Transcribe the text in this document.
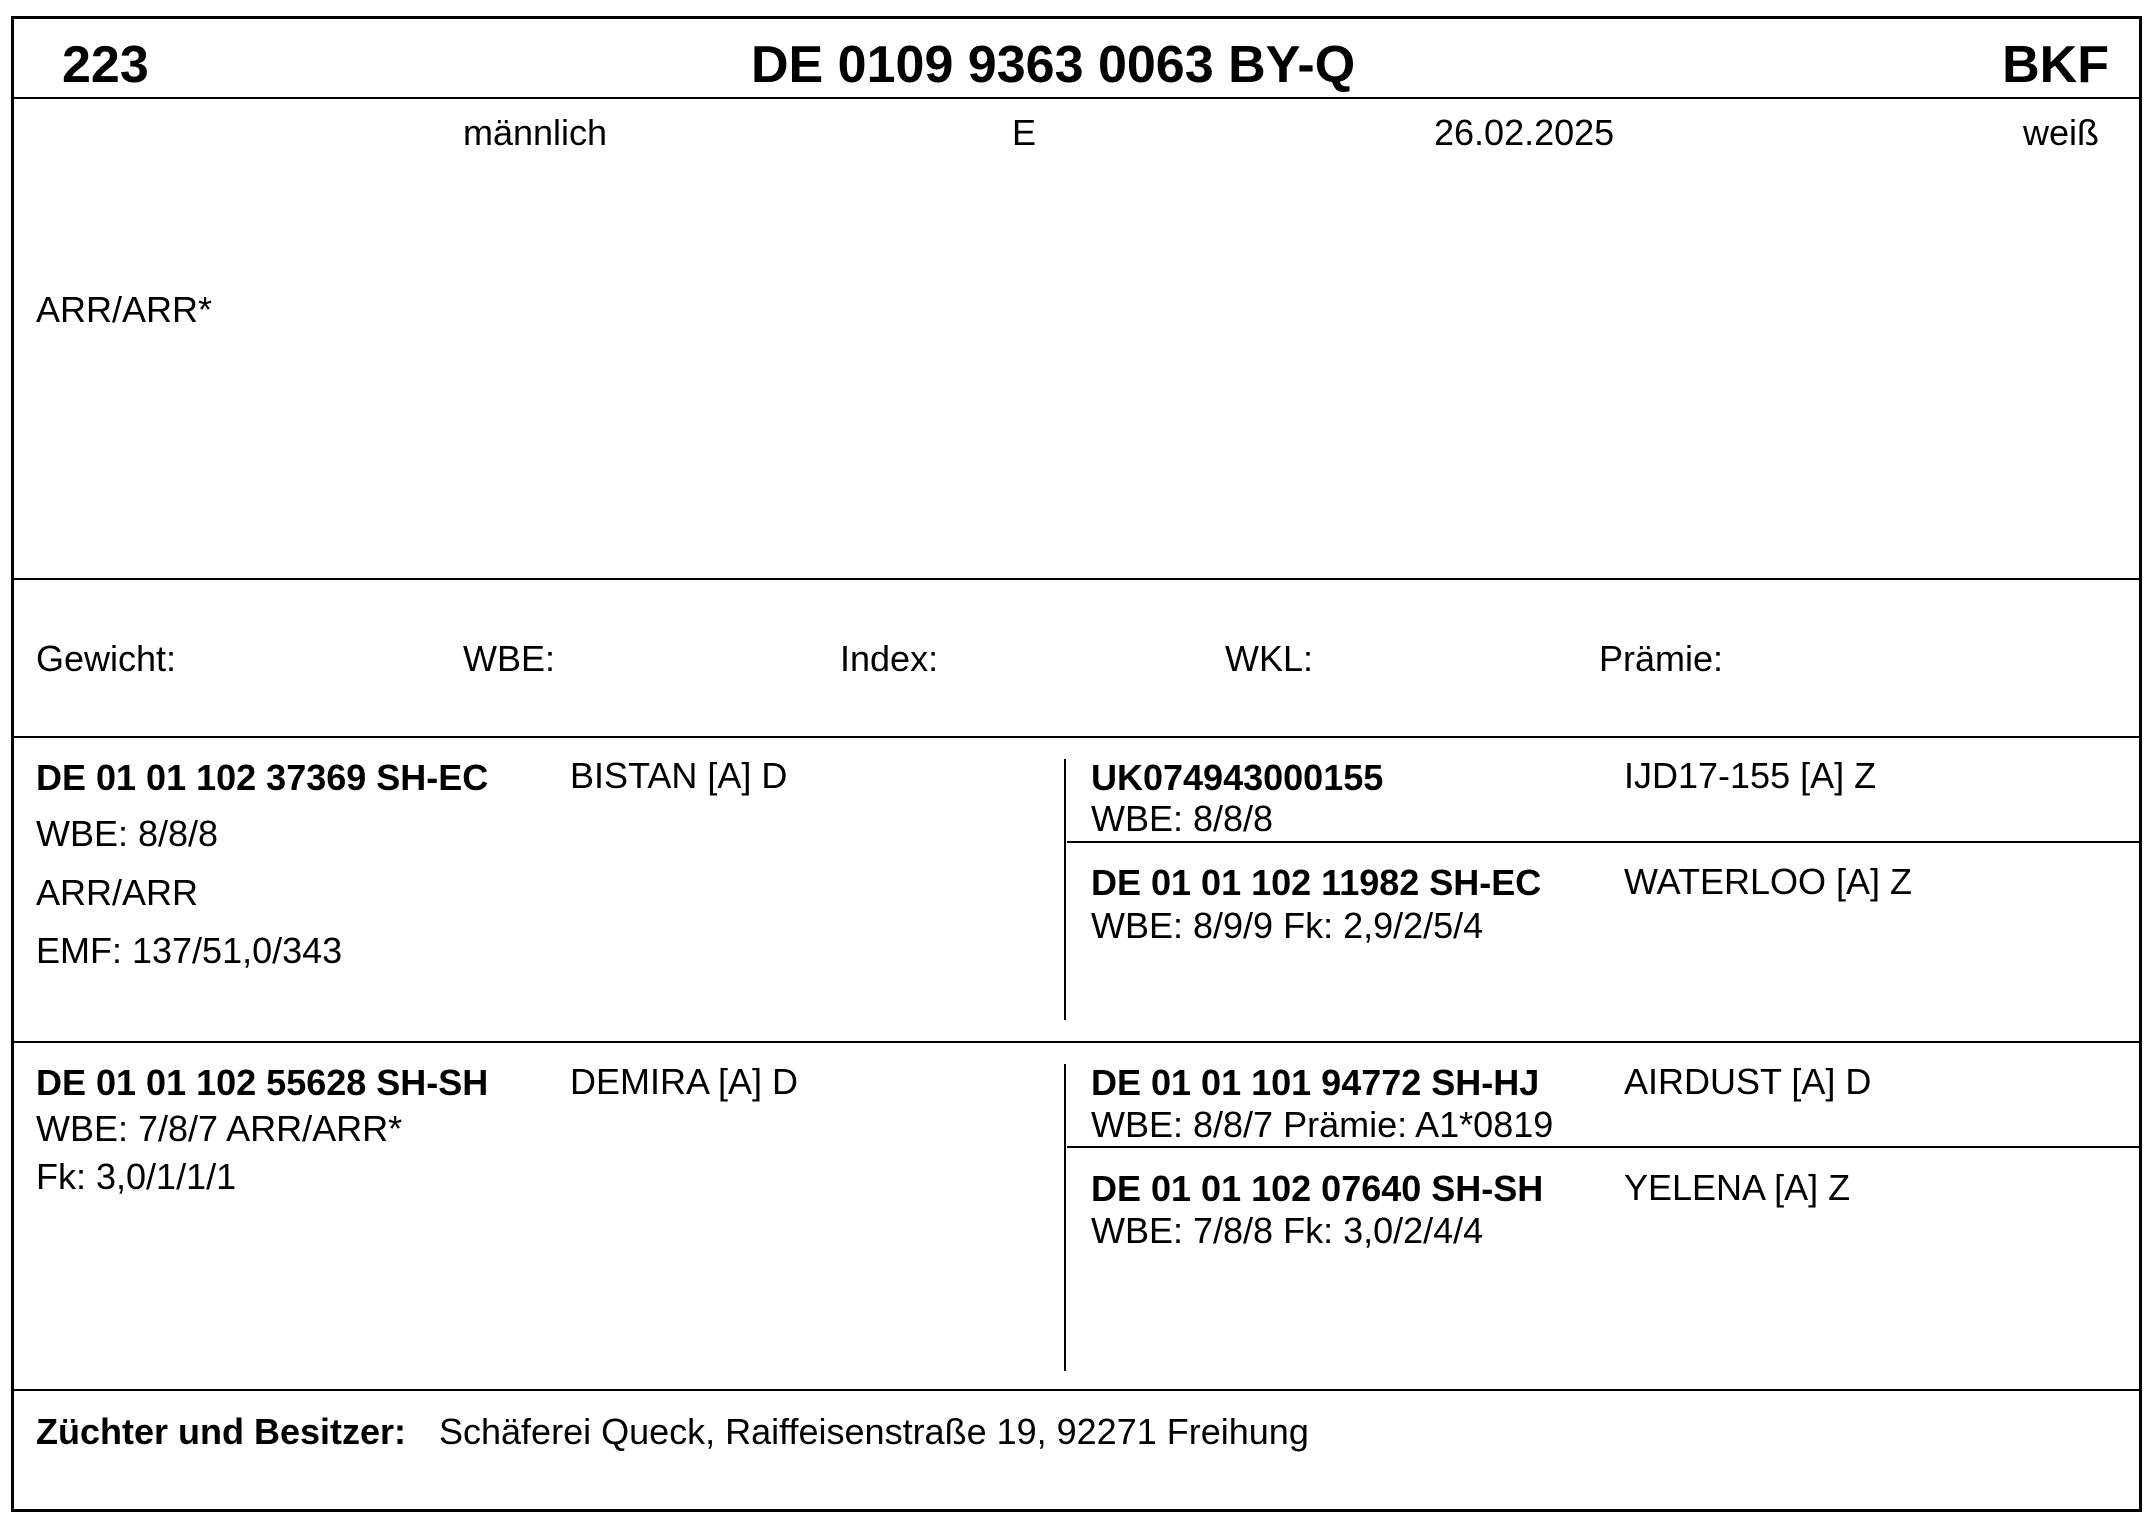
223	DE 0109 9363 0063 BY-Q	BKF
männlich	E	26.02.2025	weiß
ARR/ARR*
Gewicht:	WBE:	Index:	WKL:	Prämie:
DE 01 01 102 37369 SH-EC BISTAN [A] D
WBE: 8/8/8
ARR/ARR
EMF: 137/51,0/343
UK074943000155	IJD17-155 [A] Z
WBE: 8/8/8
DE 01 01 102 11982 SH-EC WATERLOO [A] Z
WBE: 8/9/9 Fk: 2,9/2/5/4
DE 01 01 102 55628 SH-SH DEMIRA [A] D
WBE: 7/8/7 ARR/ARR*
Fk: 3,0/1/1/1
DE 01 01 101 94772 SH-HJ AIRDUST [A] D
WBE: 8/8/7 Prämie: A1*0819
DE 01 01 102 07640 SH-SH YELENA [A] Z
WBE: 7/8/8 Fk: 3,0/2/4/4
Züchter und Besitzer: Schäferei Queck, Raiffeisenstraße 19, 92271 Freihung
